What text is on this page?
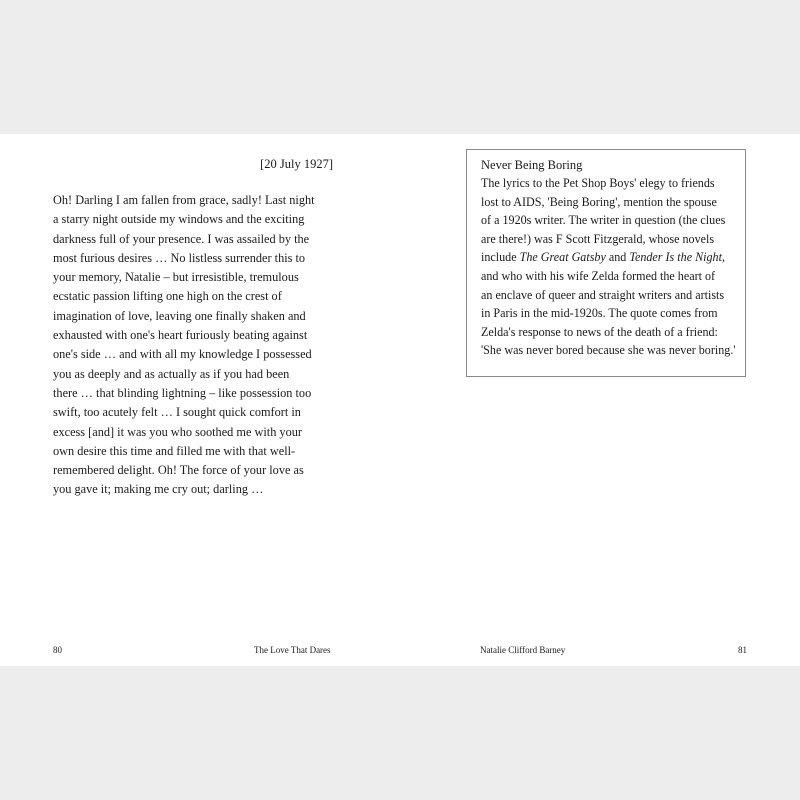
[20 July 1927]
Oh! Darling I am fallen from grace, sadly! Last night
a starry night outside my windows and the exciting
darkness full of your presence. I was assailed by the
most furious desires … No listless surrender this to
your memory, Natalie – but irresistible, tremulous
ecstatic passion lifting one high on the crest of
imagination of love, leaving one finally shaken and
exhausted with one's heart furiously beating against
one's side … and with all my knowledge I possessed
you as deeply and as actually as if you had been
there … that blinding lightning – like possession too
swift, too acutely felt … I sought quick comfort in
excess [and] it was you who soothed me with your
own desire this time and filled me with that well-
remembered delight. Oh! The force of your love as
you gave it; making me cry out; darling …
Never Being Boring
The lyrics to the Pet Shop Boys' elegy to friends
lost to AIDS, 'Being Boring', mention the spouse
of a 1920s writer. The writer in question (the clues
are there!) was F Scott Fitzgerald, whose novels
include The Great Gatsby and Tender Is the Night,
and who with his wife Zelda formed the heart of
an enclave of queer and straight writers and artists
in Paris in the mid-1920s. The quote comes from
Zelda's response to news of the death of a friend:
'She was never bored because she was never boring.'
80	The Love That Dares	Natalie Clifford Barney	81
